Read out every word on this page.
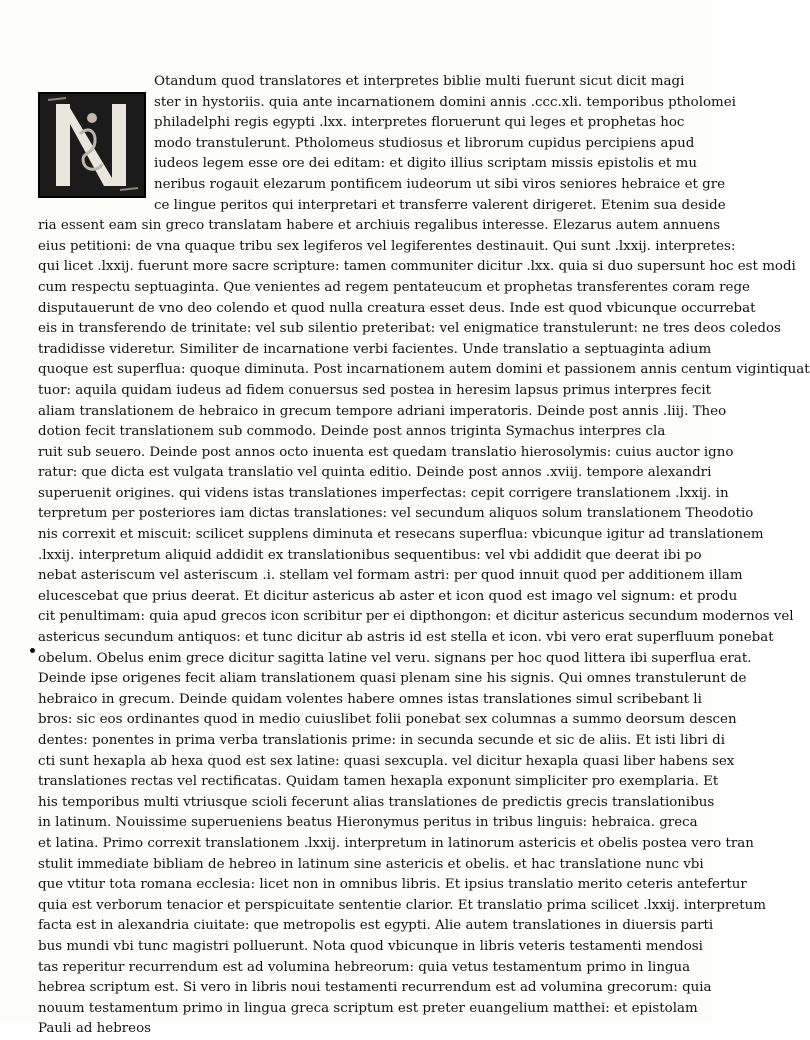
Otandum quod translatores et interpretes biblie multi fuerunt sicut dicit magi
ster in hystoriis. quia ante incarnationem domini annis .ccc.xli. temporibus ptholomei
philadelphi regis egypti .lxx. interpretes floruerunt qui leges et prophetas hoc
modo transtulerunt. Ptholomeus studiosus et librorum cupidus percipiens apud
iudeos legem esse ore dei editam: et digito illius scriptam missis epistolis et mu
neribus rogauit elezarum pontificem iudeorum ut sibi viros seniores hebraice et gre
ce lingue peritos qui interpretari et transferre valerent dirigeret. Etenim sua deside
ria essent eam sin greco translatam habere et archiuis regalibus interesse. Elezarus autem annuens
eius petitioni: de vna quaque tribu sex legiferos vel legiferentes destinauit. Qui sunt .lxxij. interpretes:
qui licet .lxxij. fuerunt more sacre scripture: tamen communiter dicitur .lxx. quia si duo supersunt hoc est modi
cum respectu septuaginta. Que venientes ad regem pentateucum et prophetas transferentes coram rege
disputauerunt de vno deo colendo et quod nulla creatura esset deus. Inde est quod vbicunque occurrebat
eis in transferendo de trinitate: vel sub silentio preteribat: vel enigmatice transtulerunt: ne tres deos coledos
tradidisse videretur. Similiter de incarnatione verbi facientes. Unde translatio a septuaginta adium
quoque est superflua: quoque diminuta. Post incarnationem autem domini et passionem annis centum vigintiquat
tuor: aquila quidam iudeus ad fidem conuersus sed postea in heresim lapsus primus interpres fecit
aliam translationem de hebraico in grecum tempore adriani imperatoris. Deinde post annis .liij. Theo
dotion fecit translationem sub commodo. Deinde post annos triginta Symachus interpres cla
ruit sub seuero. Deinde post annos octo inuenta est quedam translatio hierosolymis: cuius auctor igno
ratur: que dicta est vulgata translatio vel quinta editio. Deinde post annos .xviij. tempore alexandri
superuenit origines. qui videns istas translationes imperfectas: cepit corrigere translationem .lxxij. in
terpretum per posteriores iam dictas translationes: vel secundum aliquos solum translationem Theodotio
nis correxit et miscuit: scilicet supplens diminuta et resecans superflua: vbicunque igitur ad translationem
.lxxij. interpretum aliquid addidit ex translationibus sequentibus: vel vbi addidit que deerat ibi po
nebat asteriscum vel asteriscum .i. stellam vel formam astri: per quod innuit quod per additionem illam
elucescebat que prius deerat. Et dicitur astericus ab aster et icon quod est imago vel signum: et produ
cit penultimam: quia apud grecos icon scribitur per ei dipthongon: et dicitur astericus secundum modernos vel
astericus secundum antiquos: et tunc dicitur ab astris id est stella et icon. vbi vero erat superfluum ponebat
obelum. Obelus enim grece dicitur sagitta latine vel veru. signans per hoc quod littera ibi superflua erat.
Deinde ipse origenes fecit aliam translationem quasi plenam sine his signis. Qui omnes transtulerunt de
hebraico in grecum. Deinde quidam volentes habere omnes istas translationes simul scribebant li
bros: sic eos ordinantes quod in medio cuiuslibet folii ponebat sex columnas a summo deorsum descen
dentes: ponentes in prima verba translationis prime: in secunda secunde et sic de aliis. Et isti libri di
cti sunt hexapla ab hexa quod est sex latine: quasi sexcupla. vel dicitur hexapla quasi liber habens sex
translationes rectas vel rectificatas. Quidam tamen hexapla exponunt simpliciter pro exemplaria. Et
his temporibus multi vtriusque scioli fecerunt alias translationes de predictis grecis translationibus
in latinum. Nouissime superueniens beatus Hieronymus peritus in tribus linguis: hebraica. greca
et latina. Primo correxit translationem .lxxij. interpretum in latinorum astericis et obelis postea vero tran
stulit immediate bibliam de hebreo in latinum sine astericis et obelis. et hac translatione nunc vbi
que vtitur tota romana ecclesia: licet non in omnibus libris. Et ipsius translatio merito ceteris antefertur
quia est verborum tenacior et perspicuitate sententie clarior. Et translatio prima scilicet .lxxij. interpretum
facta est in alexandria ciuitate: que metropolis est egypti. Alie autem translationes in diuersis parti
bus mundi vbi tunc magistri polluerunt. Nota quod vbicunque in libris veteris testamenti mendosi
tas reperitur recurrendum est ad volumina hebreorum: quia vetus testamentum primo in lingua
hebrea scriptum est. Si vero in libris noui testamenti recurrendum est ad volumina grecorum: quia
nouum testamentum primo in lingua greca scriptum est preter euangelium matthei: et epistolam
Pauli ad hebreos
